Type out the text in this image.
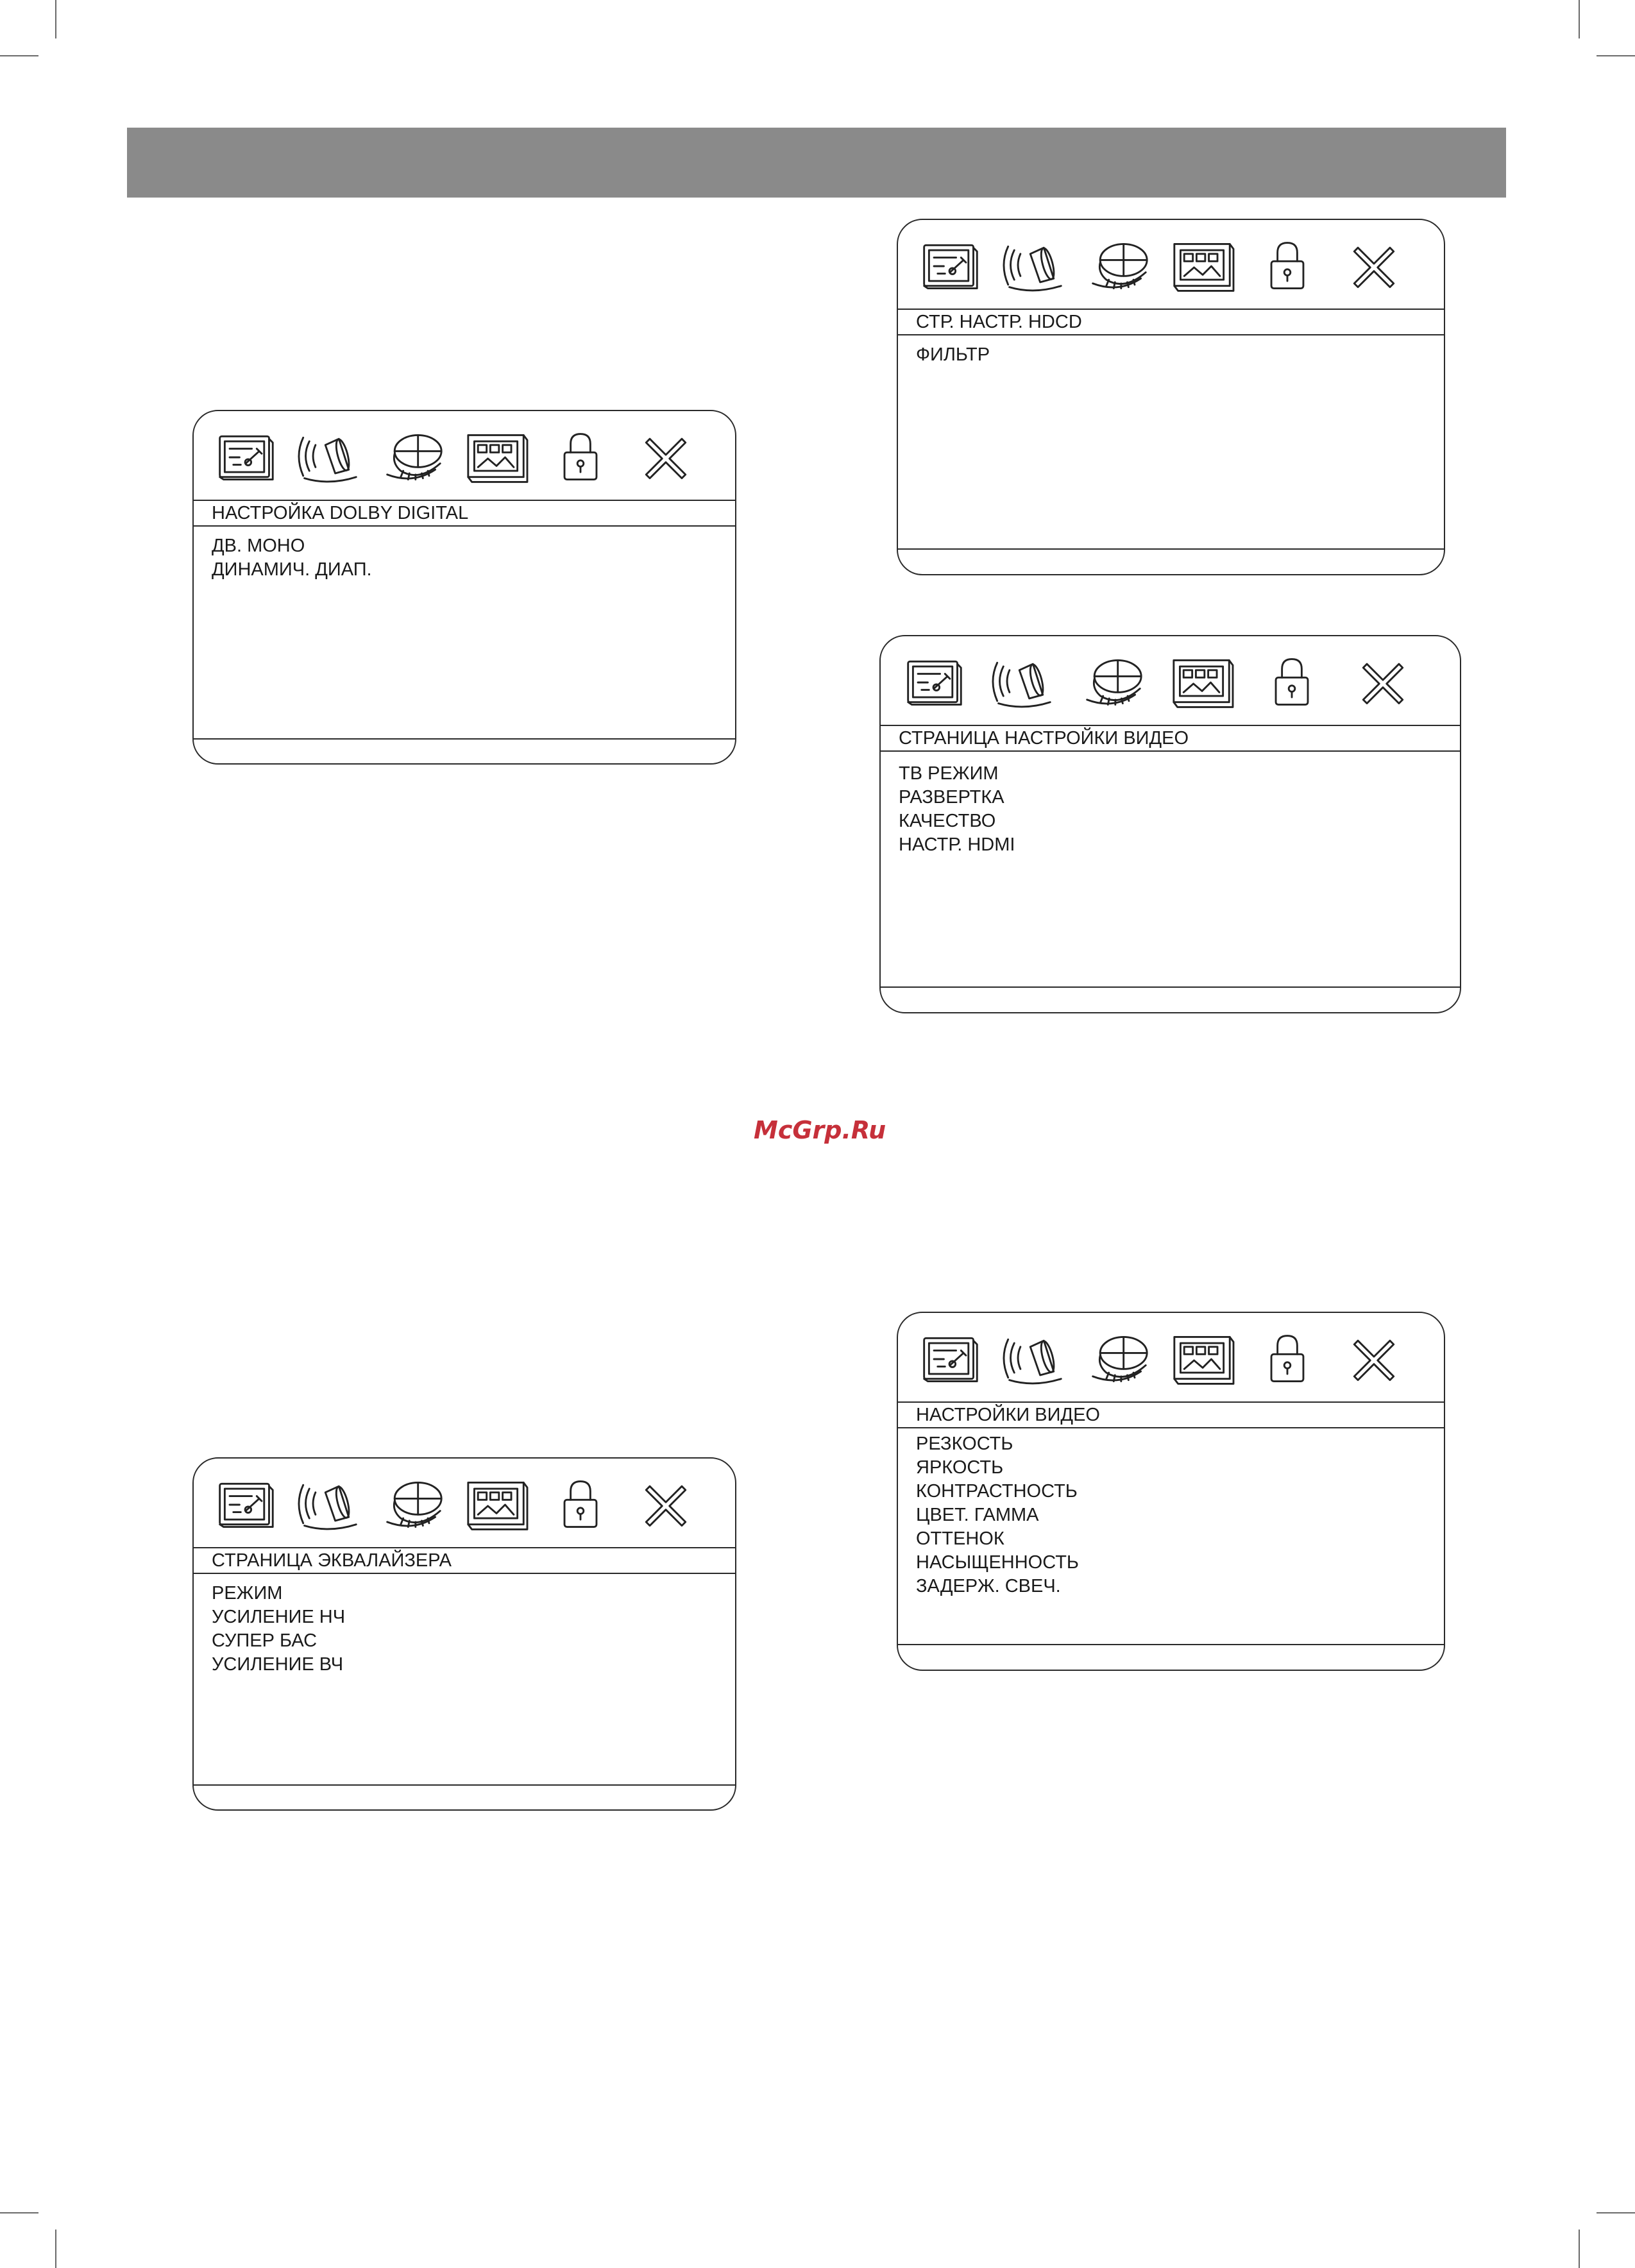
НАСТРОЙКА DOLBY DIGITAL
ДВ. МОНО
ДИНАМИЧ. ДИАП.
СТР. НАСТР. HDCD
ФИЛЬТР
СТРАНИЦА НАСТРОЙКИ ВИДЕО
ТВ РЕЖИМ
РАЗВЕРТКА
КАЧЕСТВО
НАСТР. HDMI
СТРАНИЦА ЭКВАЛАЙЗЕРА
РЕЖИМ
УСИЛЕНИЕ НЧ
СУПЕР БАС
УСИЛЕНИЕ ВЧ
НАСТРОЙКИ ВИДЕО
РЕЗКОСТЬ
ЯРКОСТЬ
КОНТРАСТНОСТЬ
ЦВЕТ. ГАММА
ОТТЕНОК
НАСЫЩЕННОСТЬ
ЗАДЕРЖ. СВЕЧ.
McGrp.Ru
